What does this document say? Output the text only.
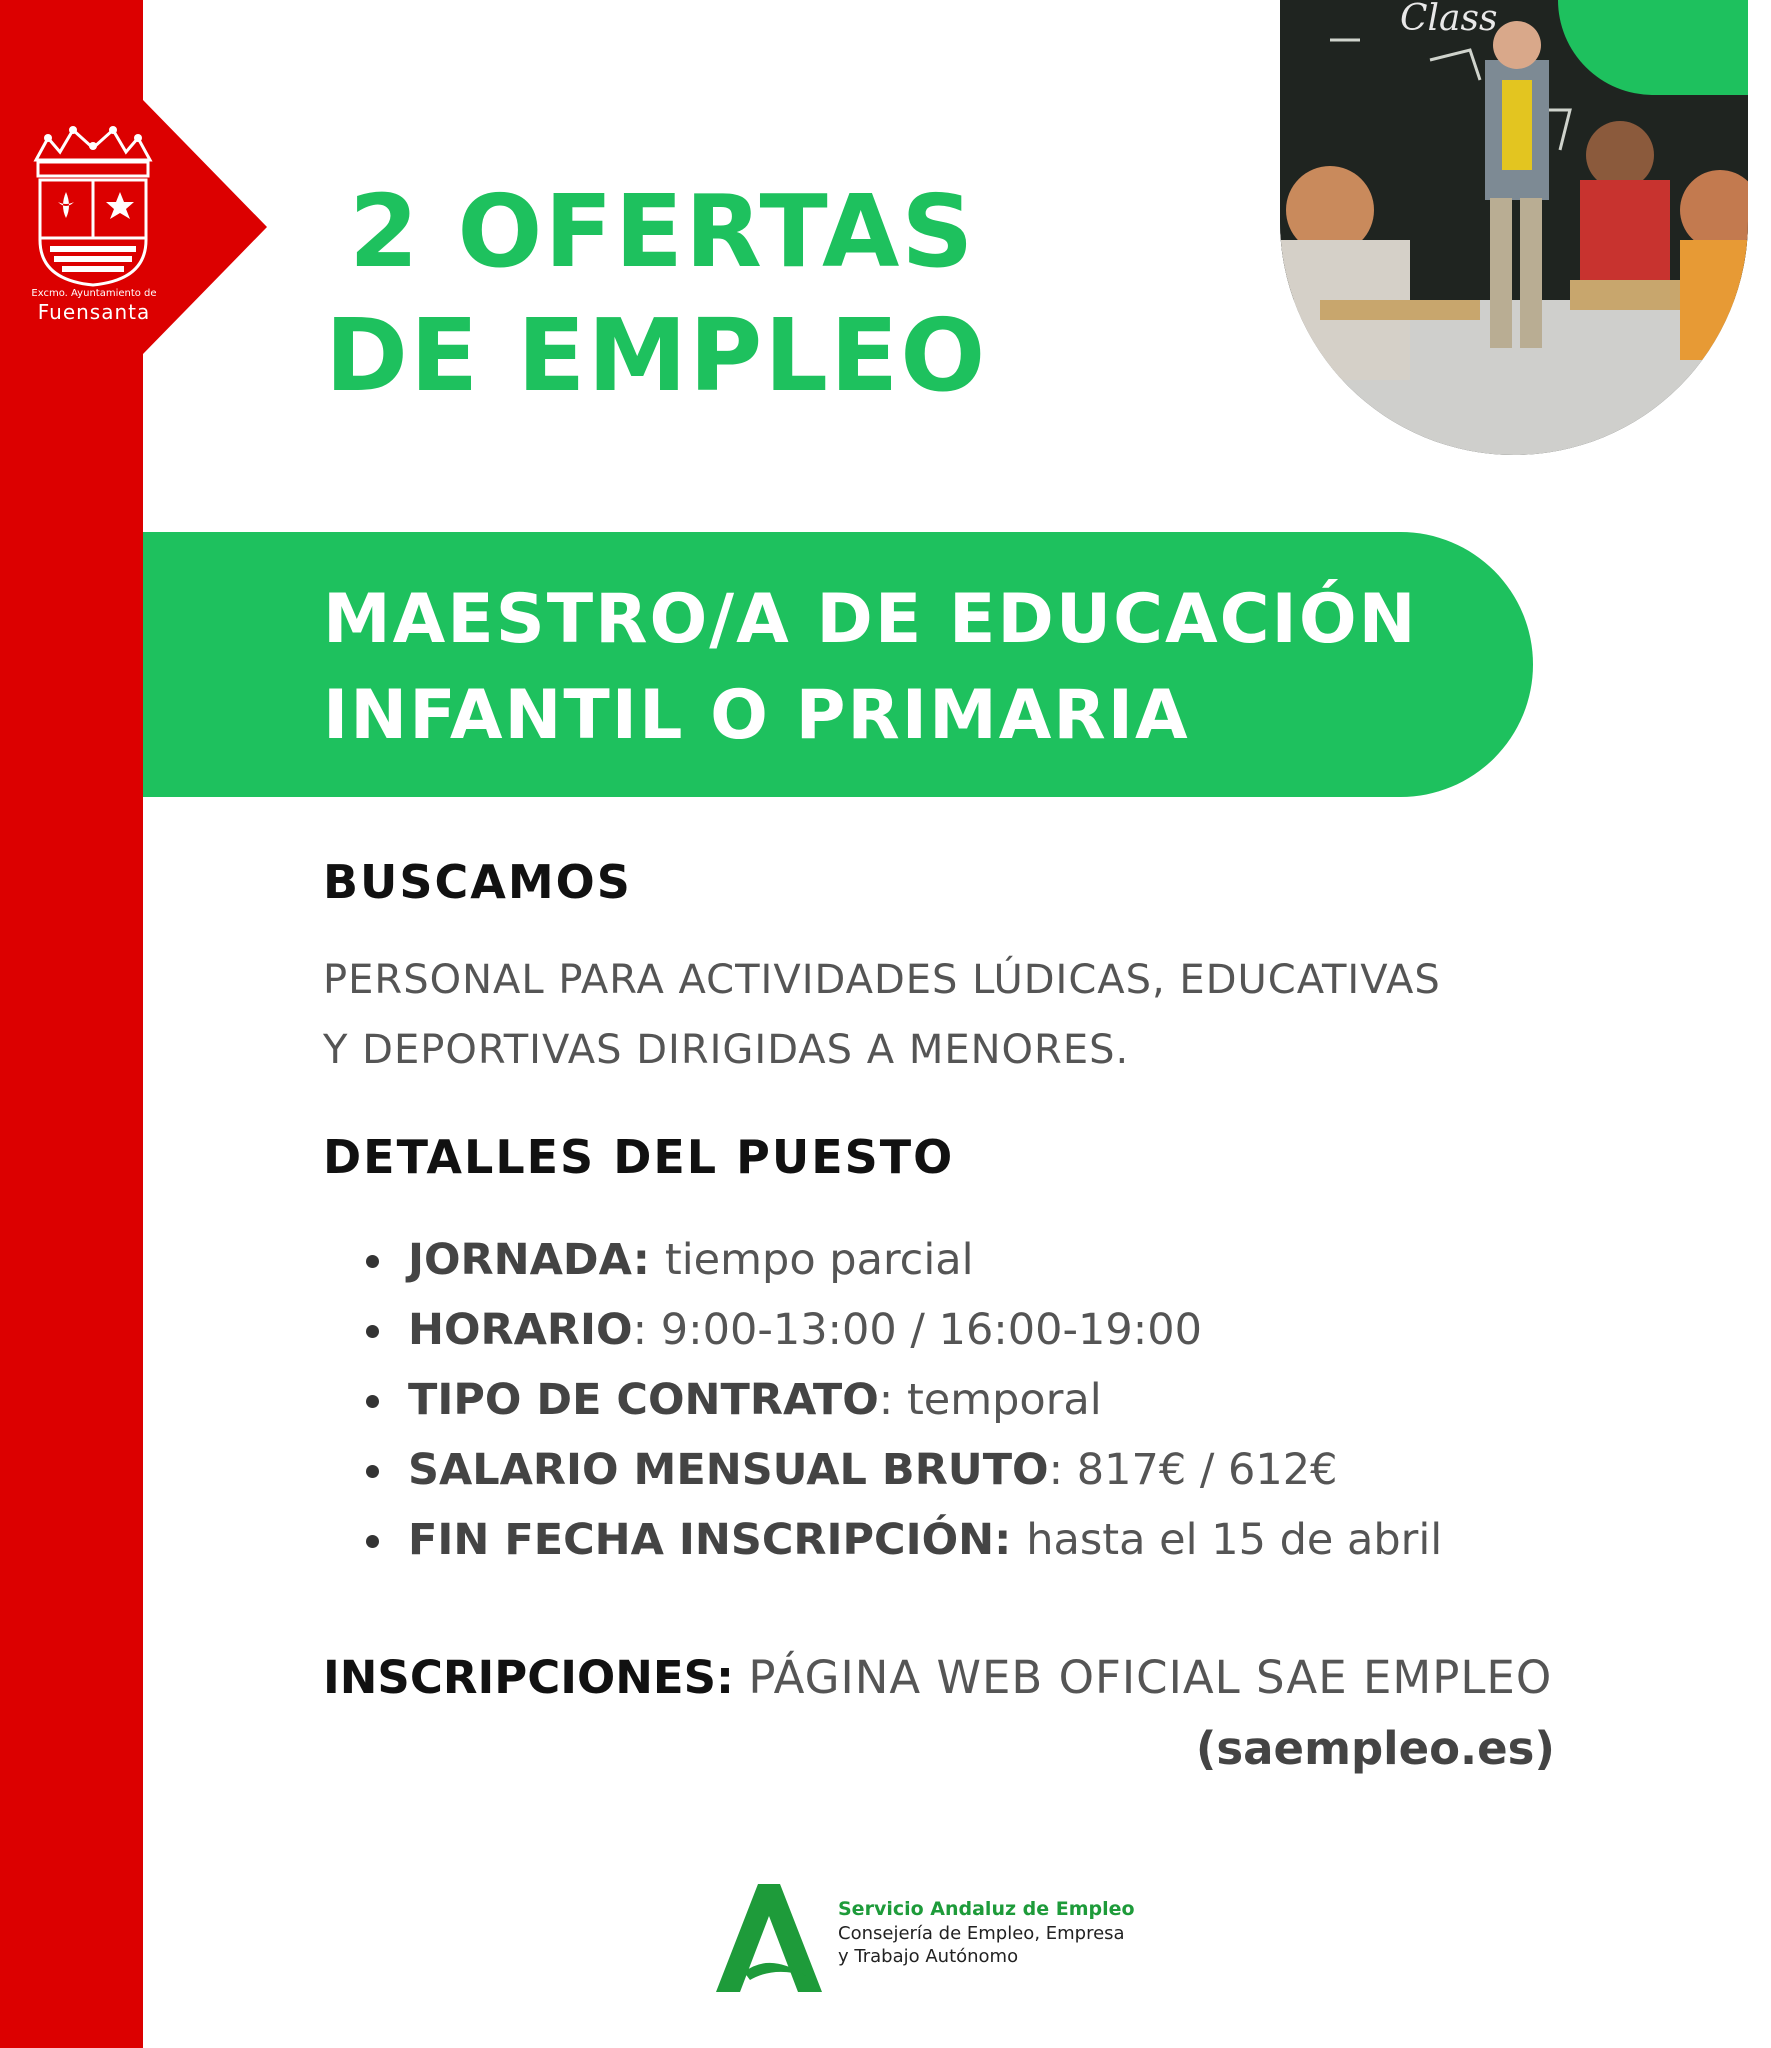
Excmo. Ayuntamiento de
Fuensanta
2 OFERTAS
DE EMPLEO
Class
MAESTRO/A DE EDUCACIÓN
INFANTIL O PRIMARIA
BUSCAMOS
PERSONAL PARA ACTIVIDADES LÚDICAS, EDUCATIVAS
Y DEPORTIVAS DIRIGIDAS A MENORES.
DETALLES DEL PUESTO
JORNADA: tiempo parcial
HORARIO: 9:00-13:00 / 16:00-19:00
TIPO DE CONTRATO: temporal
SALARIO MENSUAL BRUTO: 817€ / 612€
FIN FECHA INSCRIPCIÓN: hasta el 15 de abril
INSCRIPCIONES: PÁGINA WEB OFICIAL SAE EMPLEO
(saempleo.es)
Servicio Andaluz de Empleo
Consejería de Empleo, Empresa
y Trabajo Autónomo
